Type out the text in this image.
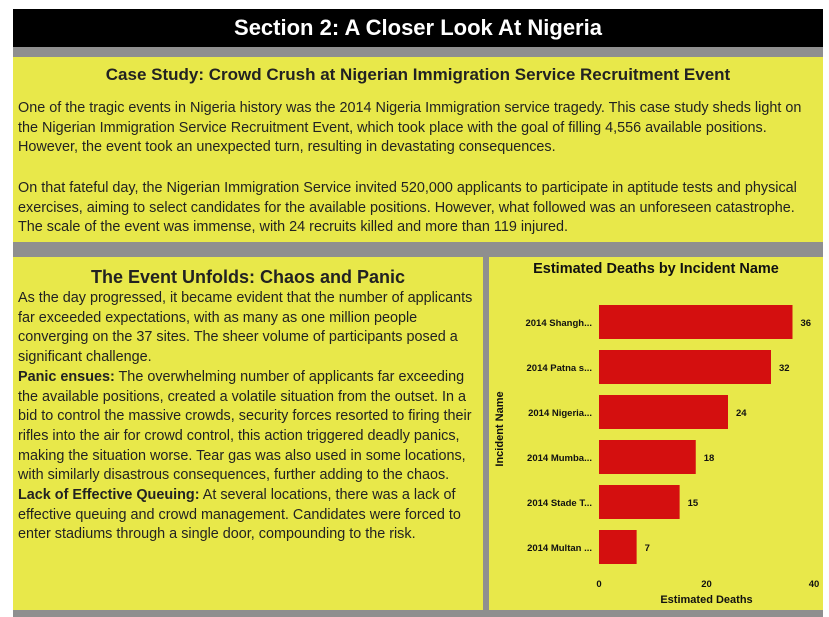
Section 2: A Closer Look At Nigeria
Case Study: Crowd Crush at Nigerian Immigration Service Recruitment Event
One of the tragic events in Nigeria history was the 2014 Nigeria Immigration service tragedy. This case study sheds light on the Nigerian Immigration Service Recruitment Event, which took place with the goal of filling 4,556 available positions. However, the event took an unexpected turn, resulting in devastating consequences.
On that fateful day, the Nigerian Immigration Service invited 520,000 applicants to participate in aptitude tests and physical exercises, aiming to select candidates for the available positions. However, what followed was an unforeseen catastrophe. The scale of the event was immense, with 24 recruits killed and more than 119 injured.
The Event Unfolds: Chaos and Panic
As the day progressed, it became evident that the number of applicants far exceeded expectations, with as many as one million people converging on the 37 sites. The sheer volume of participants posed a significant challenge.
Panic ensues: The overwhelming number of applicants far exceeding the available positions, created a volatile situation from the outset. In a bid to control the massive crowds, security forces resorted to firing their rifles into the air for crowd control, this action triggered deadly panics, making the situation worse. Tear gas was also used in some locations, with similarly disastrous consequences, further adding to the chaos.
Lack of Effective Queuing: At several locations, there was a lack of effective queuing and crowd management. Candidates were forced to enter stadiums through a single door, compounding to the risk.
2014 Shangh...	36
2014 Patna s...	32
2014 Nigeria...	24
2014 Mumba...	18
2014 Stade T...	15
2014 Multan ...	7
0	20	40
Estimated Deaths
Incident Name
Estimated Deaths by Incident Name
